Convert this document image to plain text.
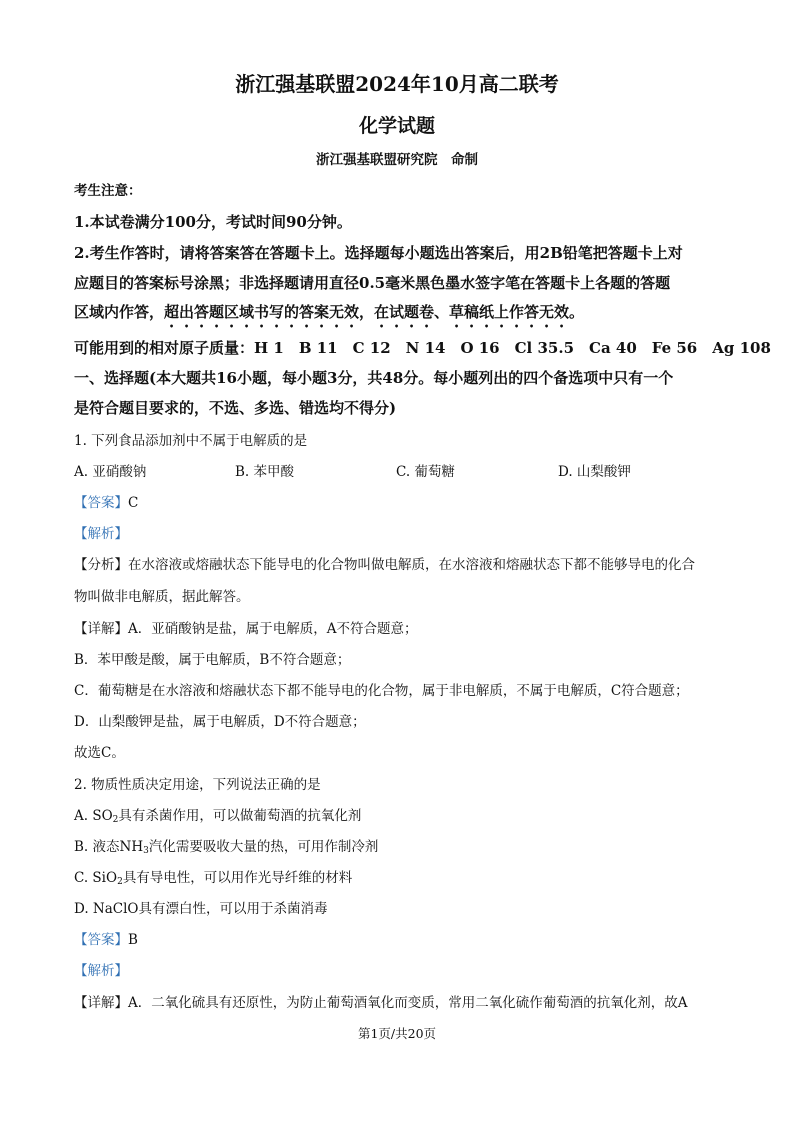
浙江强基联盟2024年10月高二联考
化学试题
浙江强基联盟研究院　命制
考生注意：
1.本试卷满分100分，考试时间90分钟。
2.考生作答时，请将答案答在答题卡上。选择题每小题选出答案后，用2B铅笔把答题卡上对
应题目的答案标号涂黑；非选择题请用直径0.5毫米黑色墨水签字笔在答题卡上各题的答题
区域内作答，超出答题区域书写的答案无效，在试题卷、草稿纸上作答无效。
可能用到的相对原子质量：H 1　B 11　C 12　N 14　O 16　Cl 35.5　Ca 40　Fe 56　Ag 108
一、选择题(本大题共16小题，每小题3分，共48分。每小题列出的四个备选项中只有一个
是符合题目要求的，不选、多选、错选均不得分)
1. 下列食品添加剂中不属于电解质的是
A. 亚硝酸钠	B. 苯甲酸	C. 葡萄糖	D. 山梨酸钾
【答案】C
【解析】
【分析】在水溶液或熔融状态下能导电的化合物叫做电解质，在水溶液和熔融状态下都不能够导电的化合
物叫做非电解质，据此解答。
【详解】A．亚硝酸钠是盐，属于电解质，A不符合题意；
B．苯甲酸是酸，属于电解质，B不符合题意；
C．葡萄糖是在水溶液和熔融状态下都不能导电的化合物，属于非电解质，不属于电解质，C符合题意；
D．山梨酸钾是盐，属于电解质，D不符合题意；
故选C。
2. 物质性质决定用途，下列说法正确的是
A. $SO_2$具有杀菌作用，可以做葡萄酒的抗氧化剂
B. 液态$NH_3$汽化需要吸收大量的热，可用作制冷剂
C. SiO$_2$具有导电性，可以用作光导纤维的材料
D. NaClO具有漂白性，可以用于杀菌消毒
【答案】B
【解析】
【详解】A．二氧化硫具有还原性，为防止葡萄酒氧化而变质，常用二氧化硫作葡萄酒的抗氧化剂，故A
第1页/共20页
